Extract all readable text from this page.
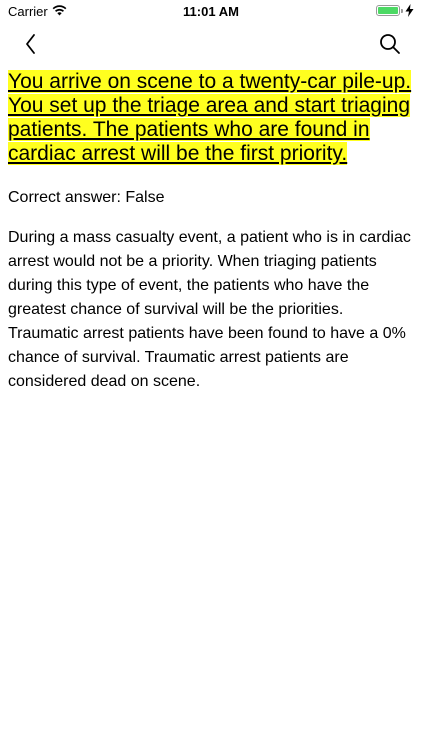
Carrier	11:01 AM

You arrive on scene to a twenty-car pile-up. You set up the triage area and start triaging patients. The patients who are found in cardiac arrest will be the first priority.

Correct answer: False

During a mass casualty event, a patient who is in cardiac arrest would not be a priority. When triaging patients during this type of event, the patients who have the greatest chance of survival will be the priorities. Traumatic arrest patients have been found to have a 0% chance of survival. Traumatic arrest patients are considered dead on scene.
